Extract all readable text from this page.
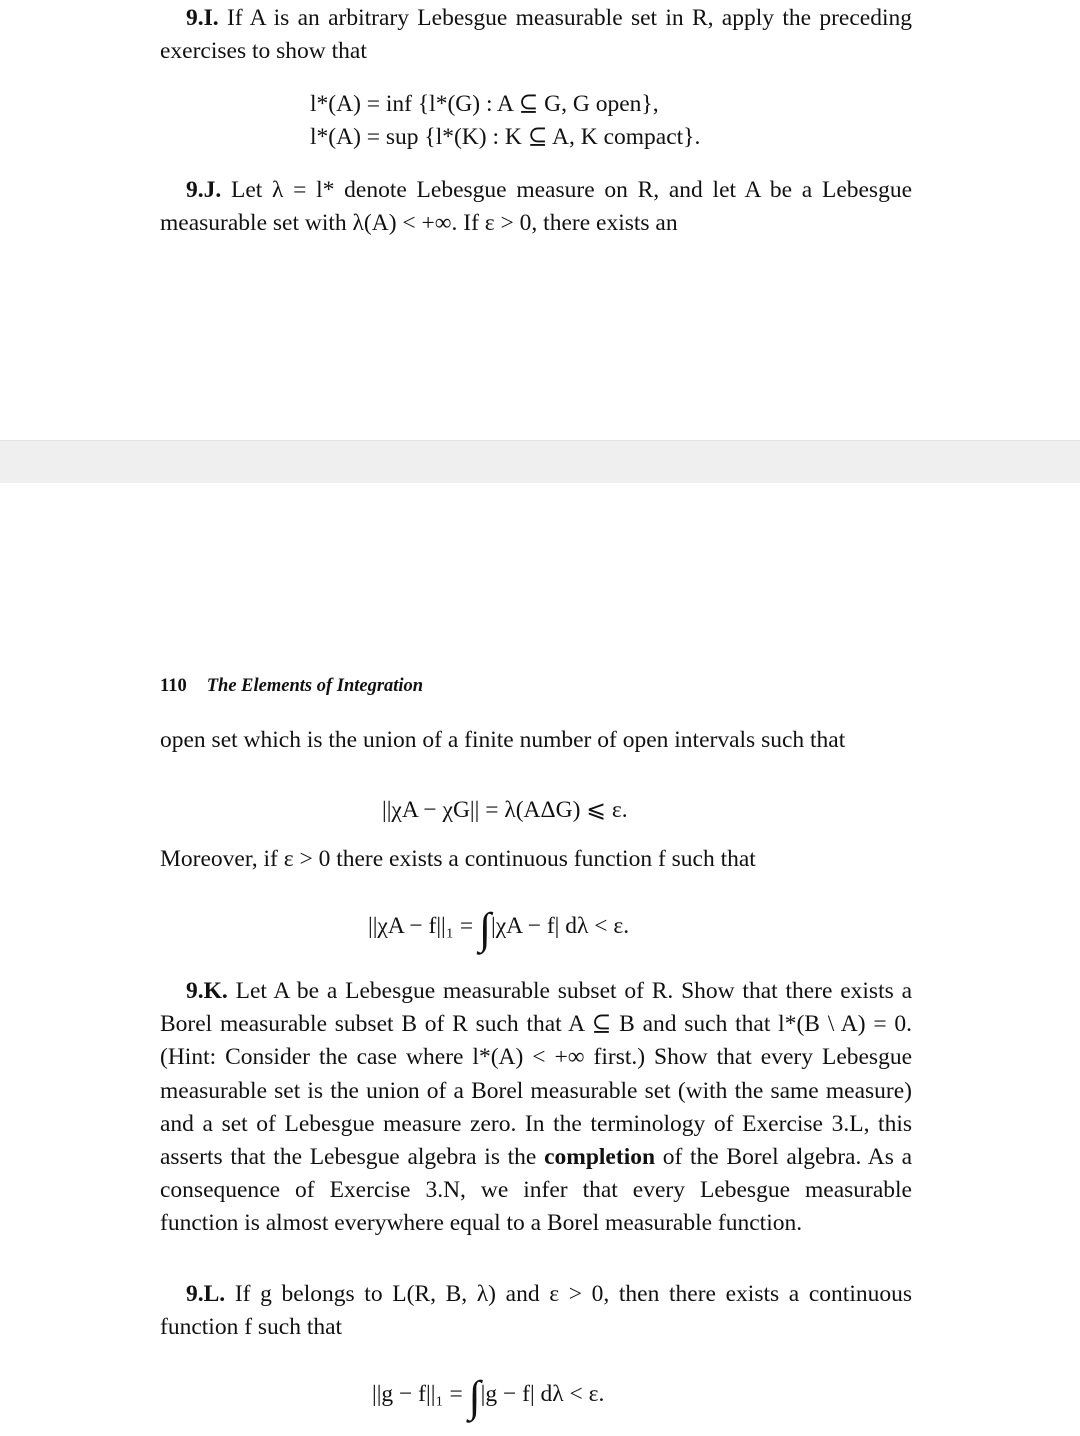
9.I. If A is an arbitrary Lebesgue measurable set in R, apply the preceding exercises to show that

l*(A) = inf {l*(G) : A ⊆ G, G open},
l*(A) = sup {l*(K) : K ⊆ A, K compact}.

9.J. Let λ = l* denote Lebesgue measure on R, and let A be a Lebesgue measurable set with λ(A) < +∞. If ε > 0, there exists an

110 The Elements of Integration

open set which is the union of a finite number of open intervals such that

||χA − χG|| = λ(AΔG) ⩽ ε.

Moreover, if ε > 0 there exists a continuous function f such that

||χA − f||₁ = ∫|χA − f| dλ < ε.

9.K. Let A be a Lebesgue measurable subset of R. Show that there exists a Borel measurable subset B of R such that A ⊆ B and such that l*(B \ A) = 0. (Hint: Consider the case where l*(A) < +∞ first.) Show that every Lebesgue measurable set is the union of a Borel measurable set (with the same measure) and a set of Lebesgue measure zero. In the terminology of Exercise 3.L, this asserts that the Lebesgue algebra is the completion of the Borel algebra. As a consequence of Exercise 3.N, we infer that every Lebesgue measurable function is almost everywhere equal to a Borel measurable function.

9.L. If g belongs to L(R, B, λ) and ε > 0, then there exists a continuous function f such that

||g − f||₁ = ∫|g − f| dλ < ε.
